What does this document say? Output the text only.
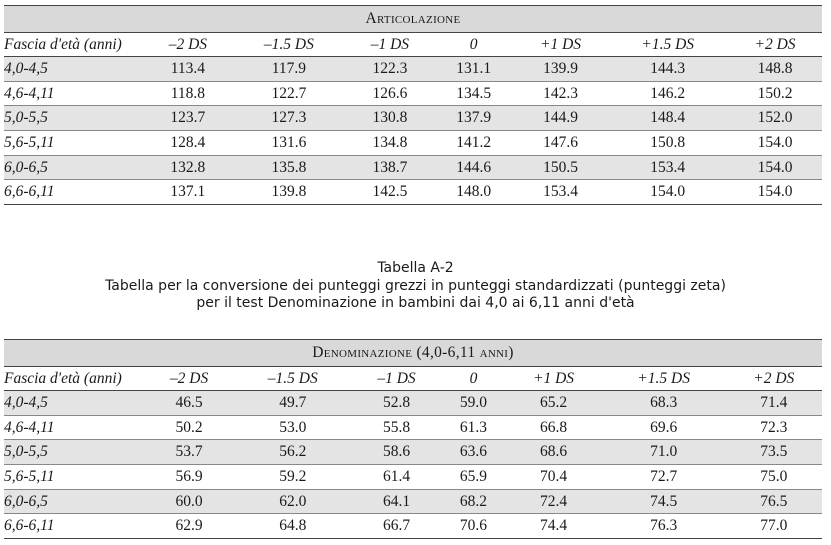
Articolazione							
Fascia d'età (anni)	–2 DS	–1.5 DS	–1 DS	0	+1 DS	+1.5 DS	+2 DS
4,0-4,5	113.4	117.9	122.3	131.1	139.9	144.3	148.8
4,6-4,11	118.8	122.7	126.6	134.5	142.3	146.2	150.2
5,0-5,5	123.7	127.3	130.8	137.9	144.9	148.4	152.0
5,6-5,11	128.4	131.6	134.8	141.2	147.6	150.8	154.0
6,0-6,5	132.8	135.8	138.7	144.6	150.5	153.4	154.0
6,6-6,11	137.1	139.8	142.5	148.0	153.4	154.0	154.0
Tabella A-2
Tabella per la conversione dei punteggi grezzi in punteggi standardizzati (punteggi zeta)
per il test Denominazione in bambini dai 4,0 ai 6,11 anni d'età
Denominazione (4,0-6,11 anni)							
Fascia d'età (anni)	–2 DS	–1.5 DS	–1 DS	0	+1 DS	+1.5 DS	+2 DS
4,0-4,5	46.5	49.7	52.8	59.0	65.2	68.3	71.4
4,6-4,11	50.2	53.0	55.8	61.3	66.8	69.6	72.3
5,0-5,5	53.7	56.2	58.6	63.6	68.6	71.0	73.5
5,6-5,11	56.9	59.2	61.4	65.9	70.4	72.7	75.0
6,0-6,5	60.0	62.0	64.1	68.2	72.4	74.5	76.5
6,6-6,11	62.9	64.8	66.7	70.6	74.4	76.3	77.0
